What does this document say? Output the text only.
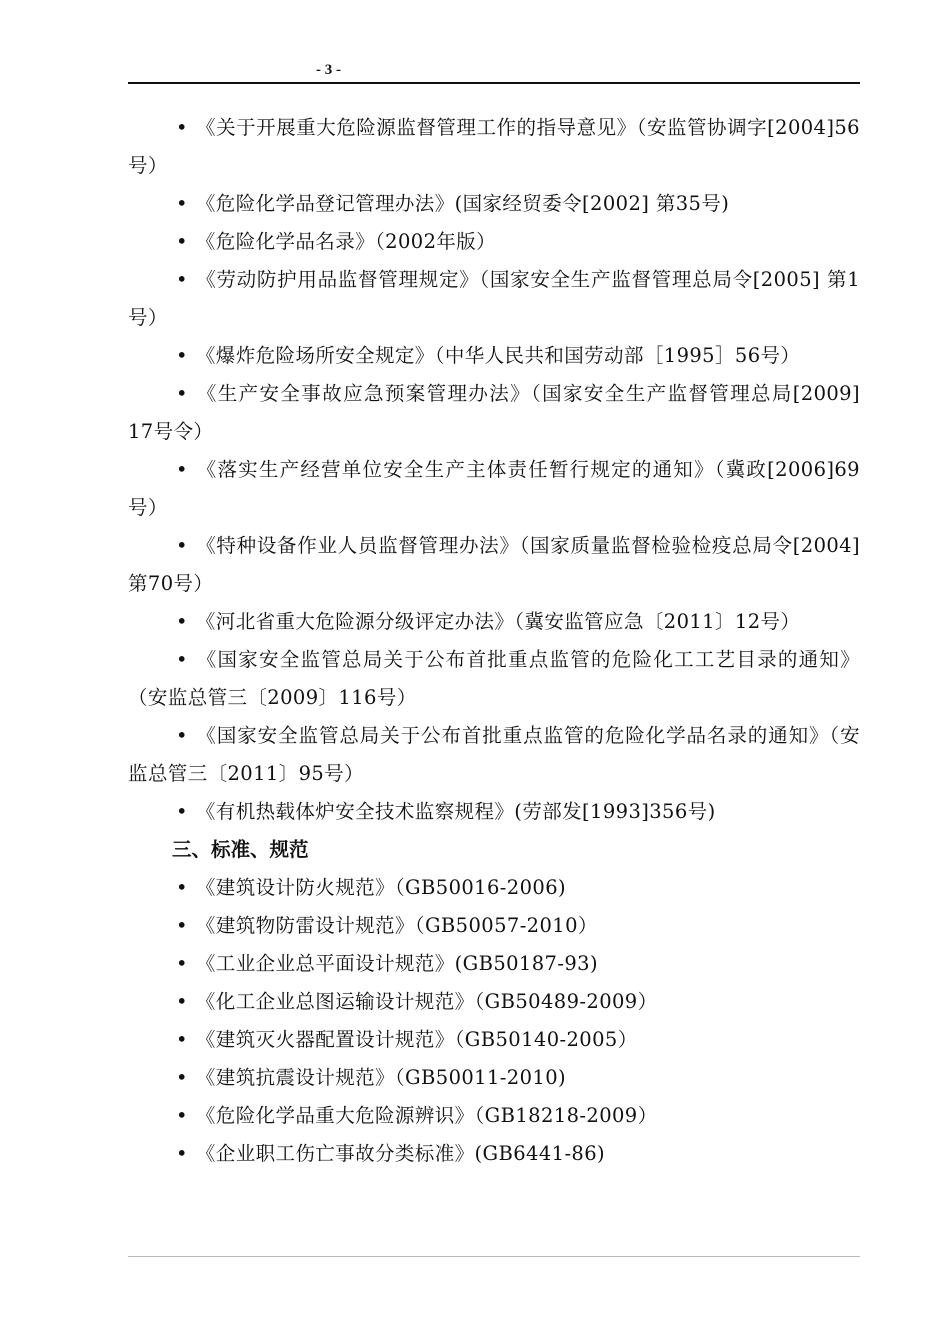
- 3 -

• 《关于开展重大危险源监督管理工作的指导意见》（安监管协调字[2004]56号）

• 《危险化学品登记管理办法》(国家经贸委令[2002] 第35号)

• 《危险化学品名录》（2002年版）

• 《劳动防护用品监督管理规定》（国家安全生产监督管理总局令[2005] 第1号）

• 《爆炸危险场所安全规定》（中华人民共和国劳动部［1995］56号）

• 《生产安全事故应急预案管理办法》（国家安全生产监督管理总局[2009] 17号令）

• 《落实生产经营单位安全生产主体责任暂行规定的通知》（冀政[2006]69号）

• 《特种设备作业人员监督管理办法》（国家质量监督检验检疫总局令[2004]第70号）

• 《河北省重大危险源分级评定办法》（冀安监管应急〔2011〕12号）

• 《国家安全监管总局关于公布首批重点监管的危险化工工艺目录的通知》（安监总管三〔2009〕116号）

• 《国家安全监管总局关于公布首批重点监管的危险化学品名录的通知》（安监总管三〔2011〕95号）

• 《有机热载体炉安全技术监察规程》(劳部发[1993]356号)

三、标准、规范

• 《建筑设计防火规范》（GB50016-2006)

• 《建筑物防雷设计规范》（GB50057-2010）

• 《工业企业总平面设计规范》(GB50187-93)

• 《化工企业总图运输设计规范》（GB50489-2009）

• 《建筑灭火器配置设计规范》（GB50140-2005）

• 《建筑抗震设计规范》（GB50011-2010)

• 《危险化学品重大危险源辨识》（GB18218-2009）

• 《企业职工伤亡事故分类标准》(GB6441-86)
